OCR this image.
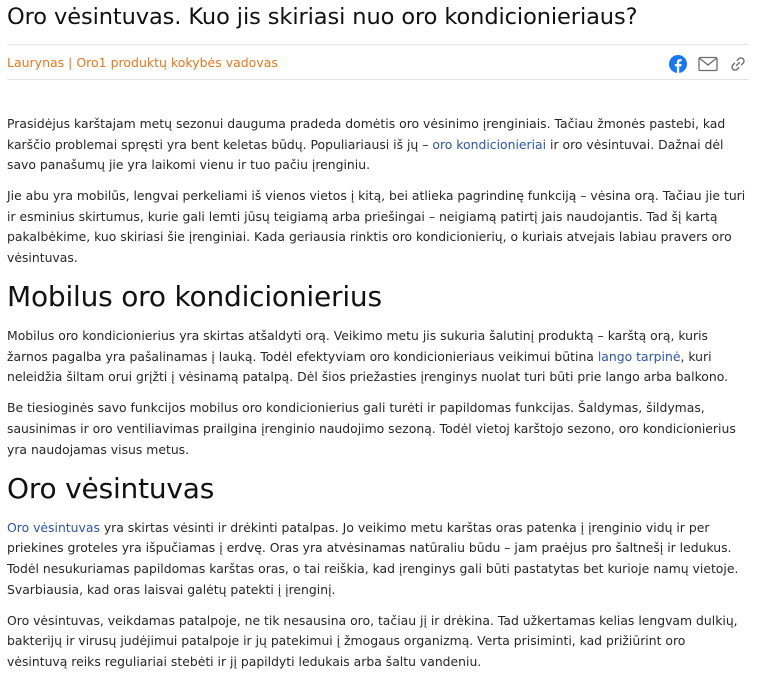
Oro vėsintuvas. Kuo jis skiriasi nuo oro kondicionieriaus?
Laurynas | Oro1 produktų kokybės vadovas

Prasidėjus karštajam metų sezonui dauguma pradeda domėtis oro vėsinimo įrenginiais. Tačiau žmonės pastebi, kad karščio problemai spręsti yra bent keletas būdų. Populiariausi iš jų – oro kondicionieriai ir oro vėsintuvai. Dažnai dėl savo panašumų jie yra laikomi vienu ir tuo pačiu įrenginiu.

Jie abu yra mobilūs, lengvai perkeliami iš vienos vietos į kitą, bei atlieka pagrindinę funkciją – vėsina orą. Tačiau jie turi ir esminius skirtumus, kurie gali lemti jūsų teigiamą arba priešingai – neigiamą patirtį jais naudojantis. Tad šį kartą pakalbėkime, kuo skiriasi šie įrenginiai. Kada geriausia rinktis oro kondicionierių, o kuriais atvejais labiau pravers oro vėsintuvas.

Mobilus oro kondicionierius

Mobilus oro kondicionierius yra skirtas atšaldyti orą. Veikimo metu jis sukuria šalutinį produktą – karštą orą, kuris žarnos pagalba yra pašalinamas į lauką. Todėl efektyviam oro kondicionieriaus veikimui būtina lango tarpinė, kuri neleidžia šiltam orui grįžti į vėsinamą patalpą. Dėl šios priežasties įrenginys nuolat turi būti prie lango arba balkono.

Be tiesioginės savo funkcijos mobilus oro kondicionierius gali turėti ir papildomas funkcijas. Šaldymas, šildymas, sausinimas ir oro ventiliavimas prailgina įrenginio naudojimo sezoną. Todėl vietoj karštojo sezono, oro kondicionierius yra naudojamas visus metus.

Oro vėsintuvas

Oro vėsintuvas yra skirtas vėsinti ir drėkinti patalpas. Jo veikimo metu karštas oras patenka į įrenginio vidų ir per priekines groteles yra išpučiamas į erdvę. Oras yra atvėsinamas natūraliu būdu – jam praėjus pro šaltnešį ir ledukus. Todėl nesukuriamas papildomas karštas oras, o tai reiškia, kad įrenginys gali būti pastatytas bet kurioje namų vietoje. Svarbiausia, kad oras laisvai galėtų patekti į įrenginį.

Oro vėsintuvas, veikdamas patalpoje, ne tik nesausina oro, tačiau jį ir drėkina. Tad užkertamas kelias lengvam dulkių, bakterijų ir virusų judėjimui patalpoje ir jų patekimui į žmogaus organizmą. Verta prisiminti, kad prižiūrint oro vėsintuvą reiks reguliariai stebėti ir jį papildyti ledukais arba šaltu vandeniu.
